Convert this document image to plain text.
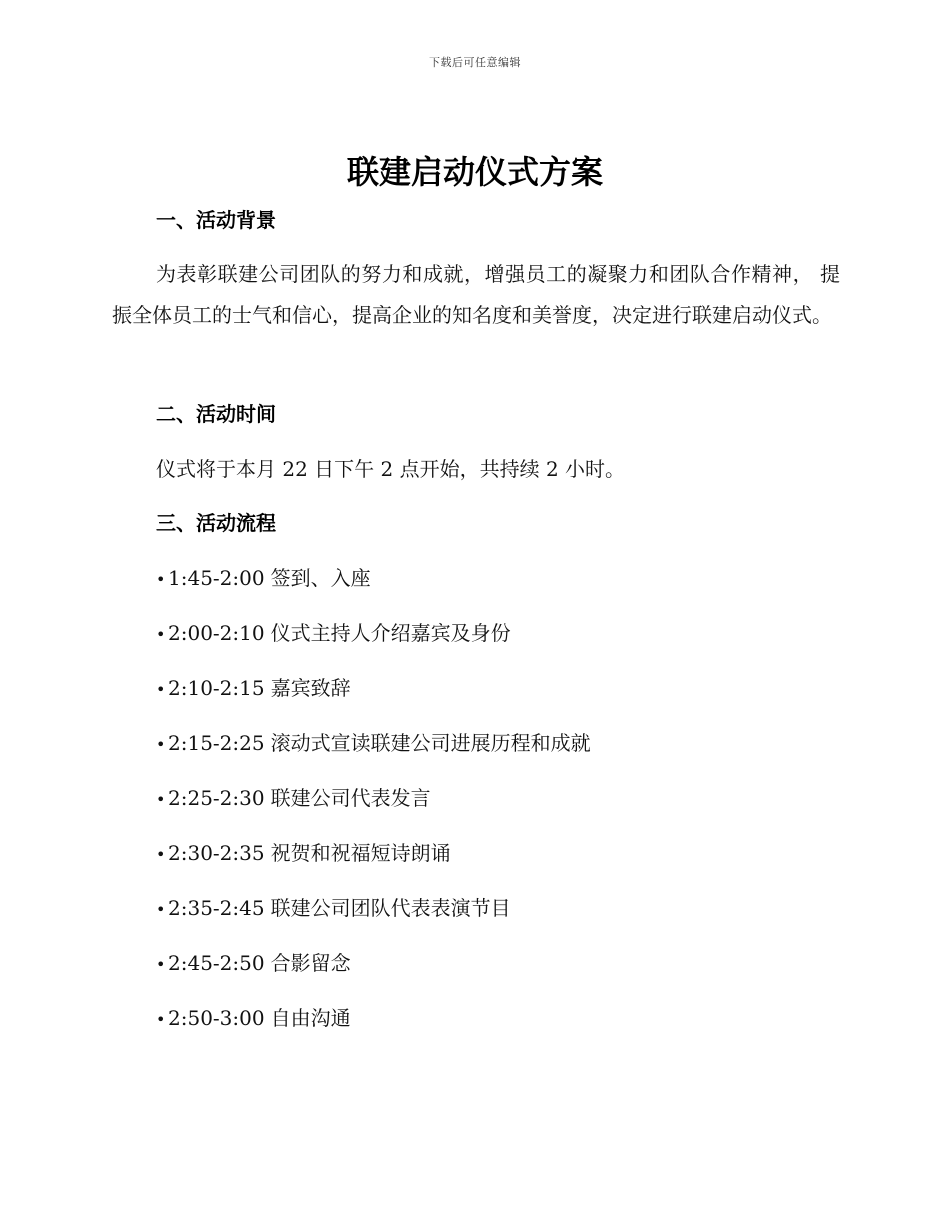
下载后可任意编辑
联建启动仪式方案
一、活动背景

为表彰联建公司团队的努力和成就，增强员工的凝聚力和团队合作精神， 提振全体员工的士气和信心，提高企业的知名度和美誉度，决定进行联建启动仪式。

二、活动时间

仪式将于本月 22 日下午 2 点开始，共持续 2 小时。

三、活动流程
• 1:45-2:00 签到、入座
• 2:00-2:10 仪式主持人介绍嘉宾及身份
• 2:10-2:15 嘉宾致辞
• 2:15-2:25 滚动式宣读联建公司进展历程和成就
• 2:25-2:30 联建公司代表发言
• 2:30-2:35 祝贺和祝福短诗朗诵
• 2:35-2:45 联建公司团队代表表演节目
• 2:45-2:50 合影留念
• 2:50-3:00 自由沟通
